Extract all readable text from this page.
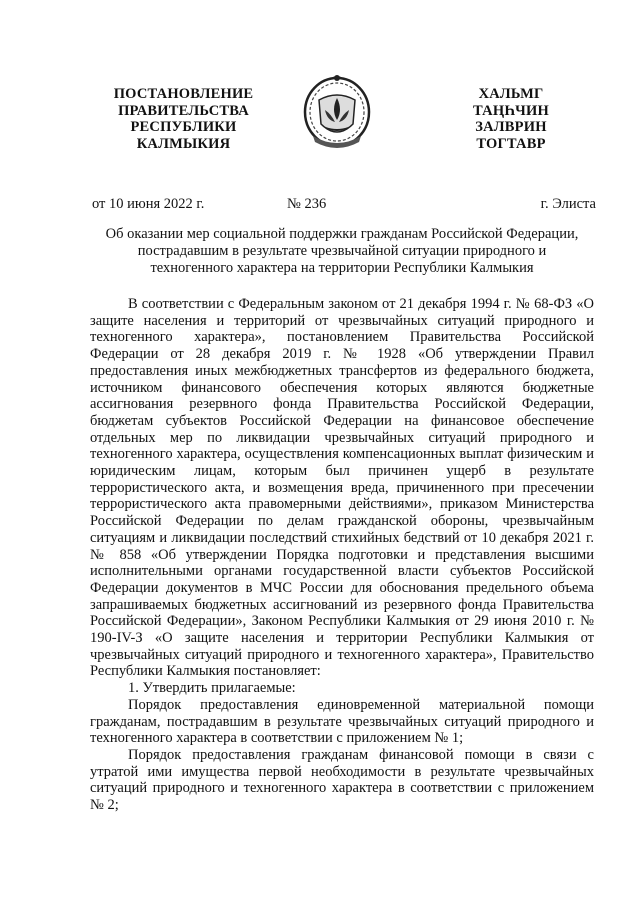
ПОСТАНОВЛЕНИЕ
ПРАВИТЕЛЬСТВА
РЕСПУБЛИКИ
КАЛМЫКИЯ
ХАЛЬМГ
ТАҢҺЧИН
ЗАЛВРИН
ТОГТАВР
от 10 июня 2022 г.	№ 236	г. Элиста
Об оказании мер социальной поддержки гражданам Российской Федерации,
пострадавшим в результате чрезвычайной ситуации природного и
техногенного характера на территории Республики Калмыкия

В соответствии с Федеральным законом от 21 декабря 1994 г. № 68-ФЗ «О защите населения и территорий от чрезвычайных ситуаций природного и техногенного характера», постановлением Правительства Российской Федерации от 28 декабря 2019 г. № 1928 «Об утверждении Правил предоставления иных межбюджетных трансфертов из федерального бюджета, источником финансового обеспечения которых являются бюджетные ассигнования резервного фонда Правительства Российской Федерации, бюджетам субъектов Российской Федерации на финансовое обеспечение отдельных мер по ликвидации чрезвычайных ситуаций природного и техногенного характера, осуществления компенсационных выплат физическим и юридическим лицам, которым был причинен ущерб в результате террористического акта, и возмещения вреда, причиненного при пресечении террористического акта правомерными действиями», приказом Министерства Российской Федерации по делам гражданской обороны, чрезвычайным ситуациям и ликвидации последствий стихийных бедствий от 10 декабря 2021 г. № 858 «Об утверждении Порядка подготовки и представления высшими исполнительными органами государственной власти субъектов Российской Федерации документов в МЧС России для обоснования предельного объема запрашиваемых бюджетных ассигнований из резервного фонда Правительства Российской Федерации», Законом Республики Калмыкия от 29 июня 2010 г. № 190-IV-З «О защите населения и территории Республики Калмыкия от чрезвычайных ситуаций природного и техногенного характера», Правительство Республики Калмыкия постановляет:

1. Утвердить прилагаемые:

Порядок предоставления единовременной материальной помощи гражданам, пострадавшим в результате чрезвычайных ситуаций природного и техногенного характера в соответствии с приложением № 1;

Порядок предоставления гражданам финансовой помощи в связи с утратой ими имущества первой необходимости в результате чрезвычайных ситуаций природного и техногенного характера в соответствии с приложением № 2;
